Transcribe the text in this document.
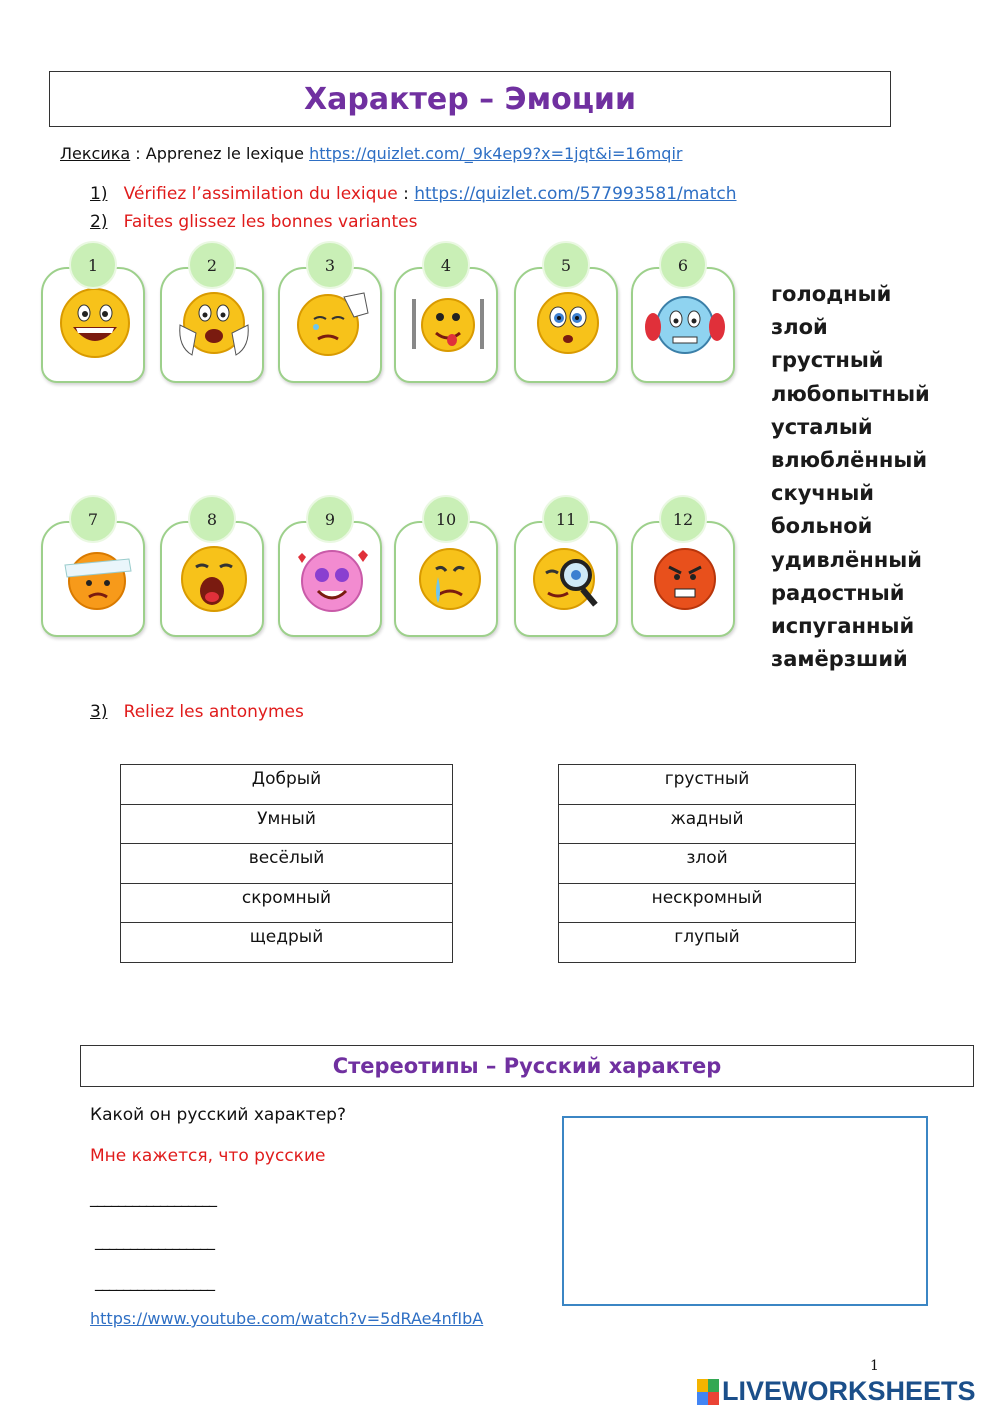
Характер – Эмоции
Лексика : Apprenez le lexique https://quizlet.com/_9k4ep9?x=1jqt&i=16mqir
1) Vérifiez l’assimilation du lexique : https://quizlet.com/577993581/match
2) Faites glissez les bonnes variantes
1	2	3	4	5	6
7	8	9	10	11	12
голодный
злой
грустный
любопытный
усталый
влюблённый
скучный
больной
удивлённый
радостный
испуганный
замёрзший
3) Reliez les antonymes
Добрый
Умный
весёлый
скромный
щедрый
грустный
жадный
злой
нескромный
глупый
Стереотипы – Русский характер
Какой он русский характер?
Мне кажется, что русские
__________________
_________________
_________________
https://www.youtube.com/watch?v=5dRAe4nfIbA
1
LIVEWORKSHEETS
